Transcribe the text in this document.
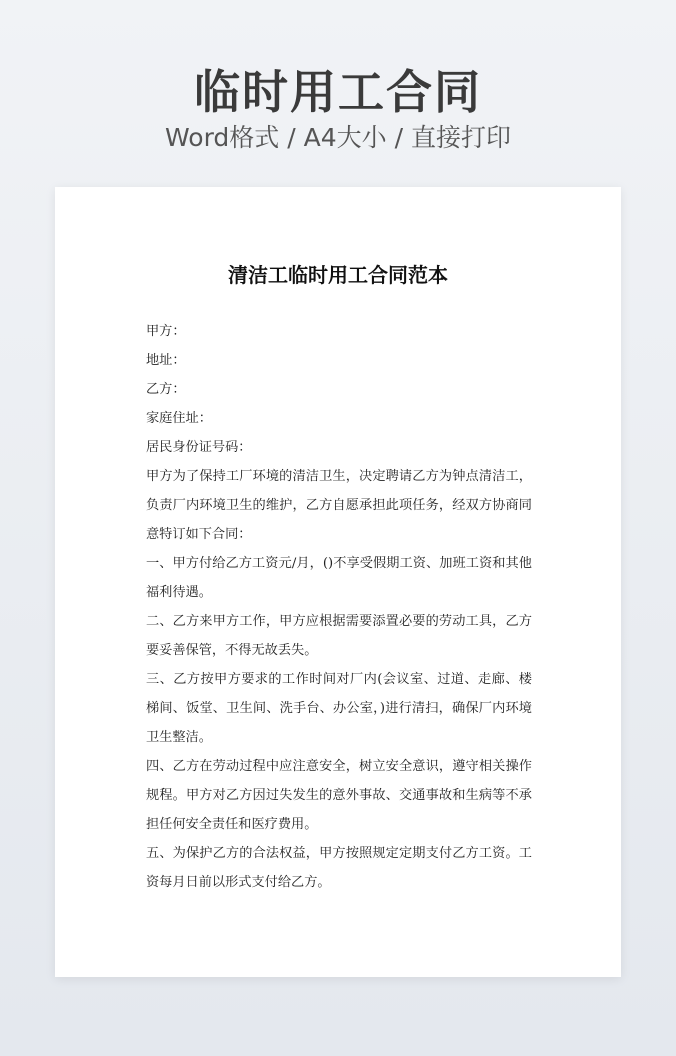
临时用工合同
Word格式 / A4大小 / 直接打印
清洁工临时用工合同范本

甲方：

地址：

乙方：

家庭住址：

居民身份证号码：

甲方为了保持工厂环境的清洁卫生，决定聘请乙方为钟点清洁工，负责厂内环境卫生的维护，乙方自愿承担此项任务，经双方协商同意特订如下合同：

一、甲方付给乙方工资元/月，()不享受假期工资、加班工资和其他福利待遇。

二、乙方来甲方工作，甲方应根据需要添置必要的劳动工具，乙方要妥善保管，不得无故丢失。

三、乙方按甲方要求的工作时间对厂内(会议室、过道、走廊、楼梯间、饭堂、卫生间、洗手台、办公室，)进行清扫，确保厂内环境卫生整洁。

四、乙方在劳动过程中应注意安全，树立安全意识，遵守相关操作规程。甲方对乙方因过失发生的意外事故、交通事故和生病等不承担任何安全责任和医疗费用。

五、为保护乙方的合法权益，甲方按照规定定期支付乙方工资。工资每月日前以形式支付给乙方。
